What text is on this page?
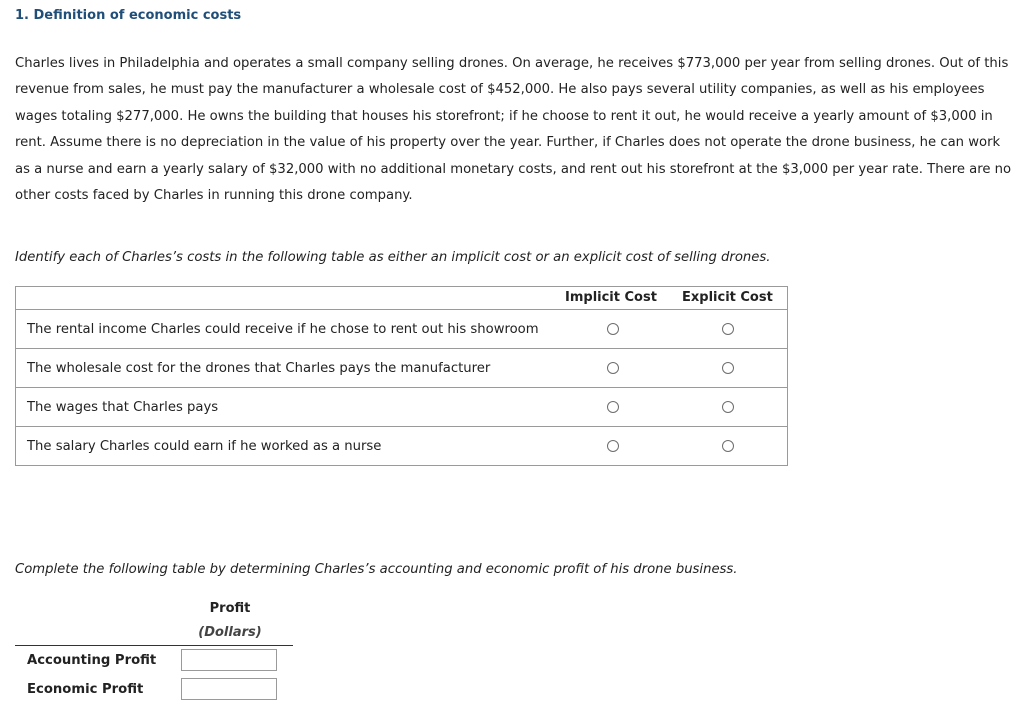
1. Definition of economic costs
Charles lives in Philadelphia and operates a small company selling drones. On average, he receives $773,000 per year from selling drones. Out of this revenue from sales, he must pay the manufacturer a wholesale cost of $452,000. He also pays several utility companies, as well as his employees wages totaling $277,000. He owns the building that houses his storefront; if he choose to rent it out, he would receive a yearly amount of $3,000 in rent. Assume there is no depreciation in the value of his property over the year. Further, if Charles does not operate the drone business, he can work as a nurse and earn a yearly salary of $32,000 with no additional monetary costs, and rent out his storefront at the $3,000 per year rate. There are no other costs faced by Charles in running this drone company.
Identify each of Charles’s costs in the following table as either an implicit cost or an explicit cost of selling drones.
Implicit Cost Explicit Cost
The rental income Charles could receive if he chose to rent out his showroom
The wholesale cost for the drones that Charles pays the manufacturer
The wages that Charles pays
The salary Charles could earn if he worked as a nurse
Complete the following table by determining Charles’s accounting and economic profit of his drone business.
Profit
(Dollars)
Accounting Profit
Economic Profit
